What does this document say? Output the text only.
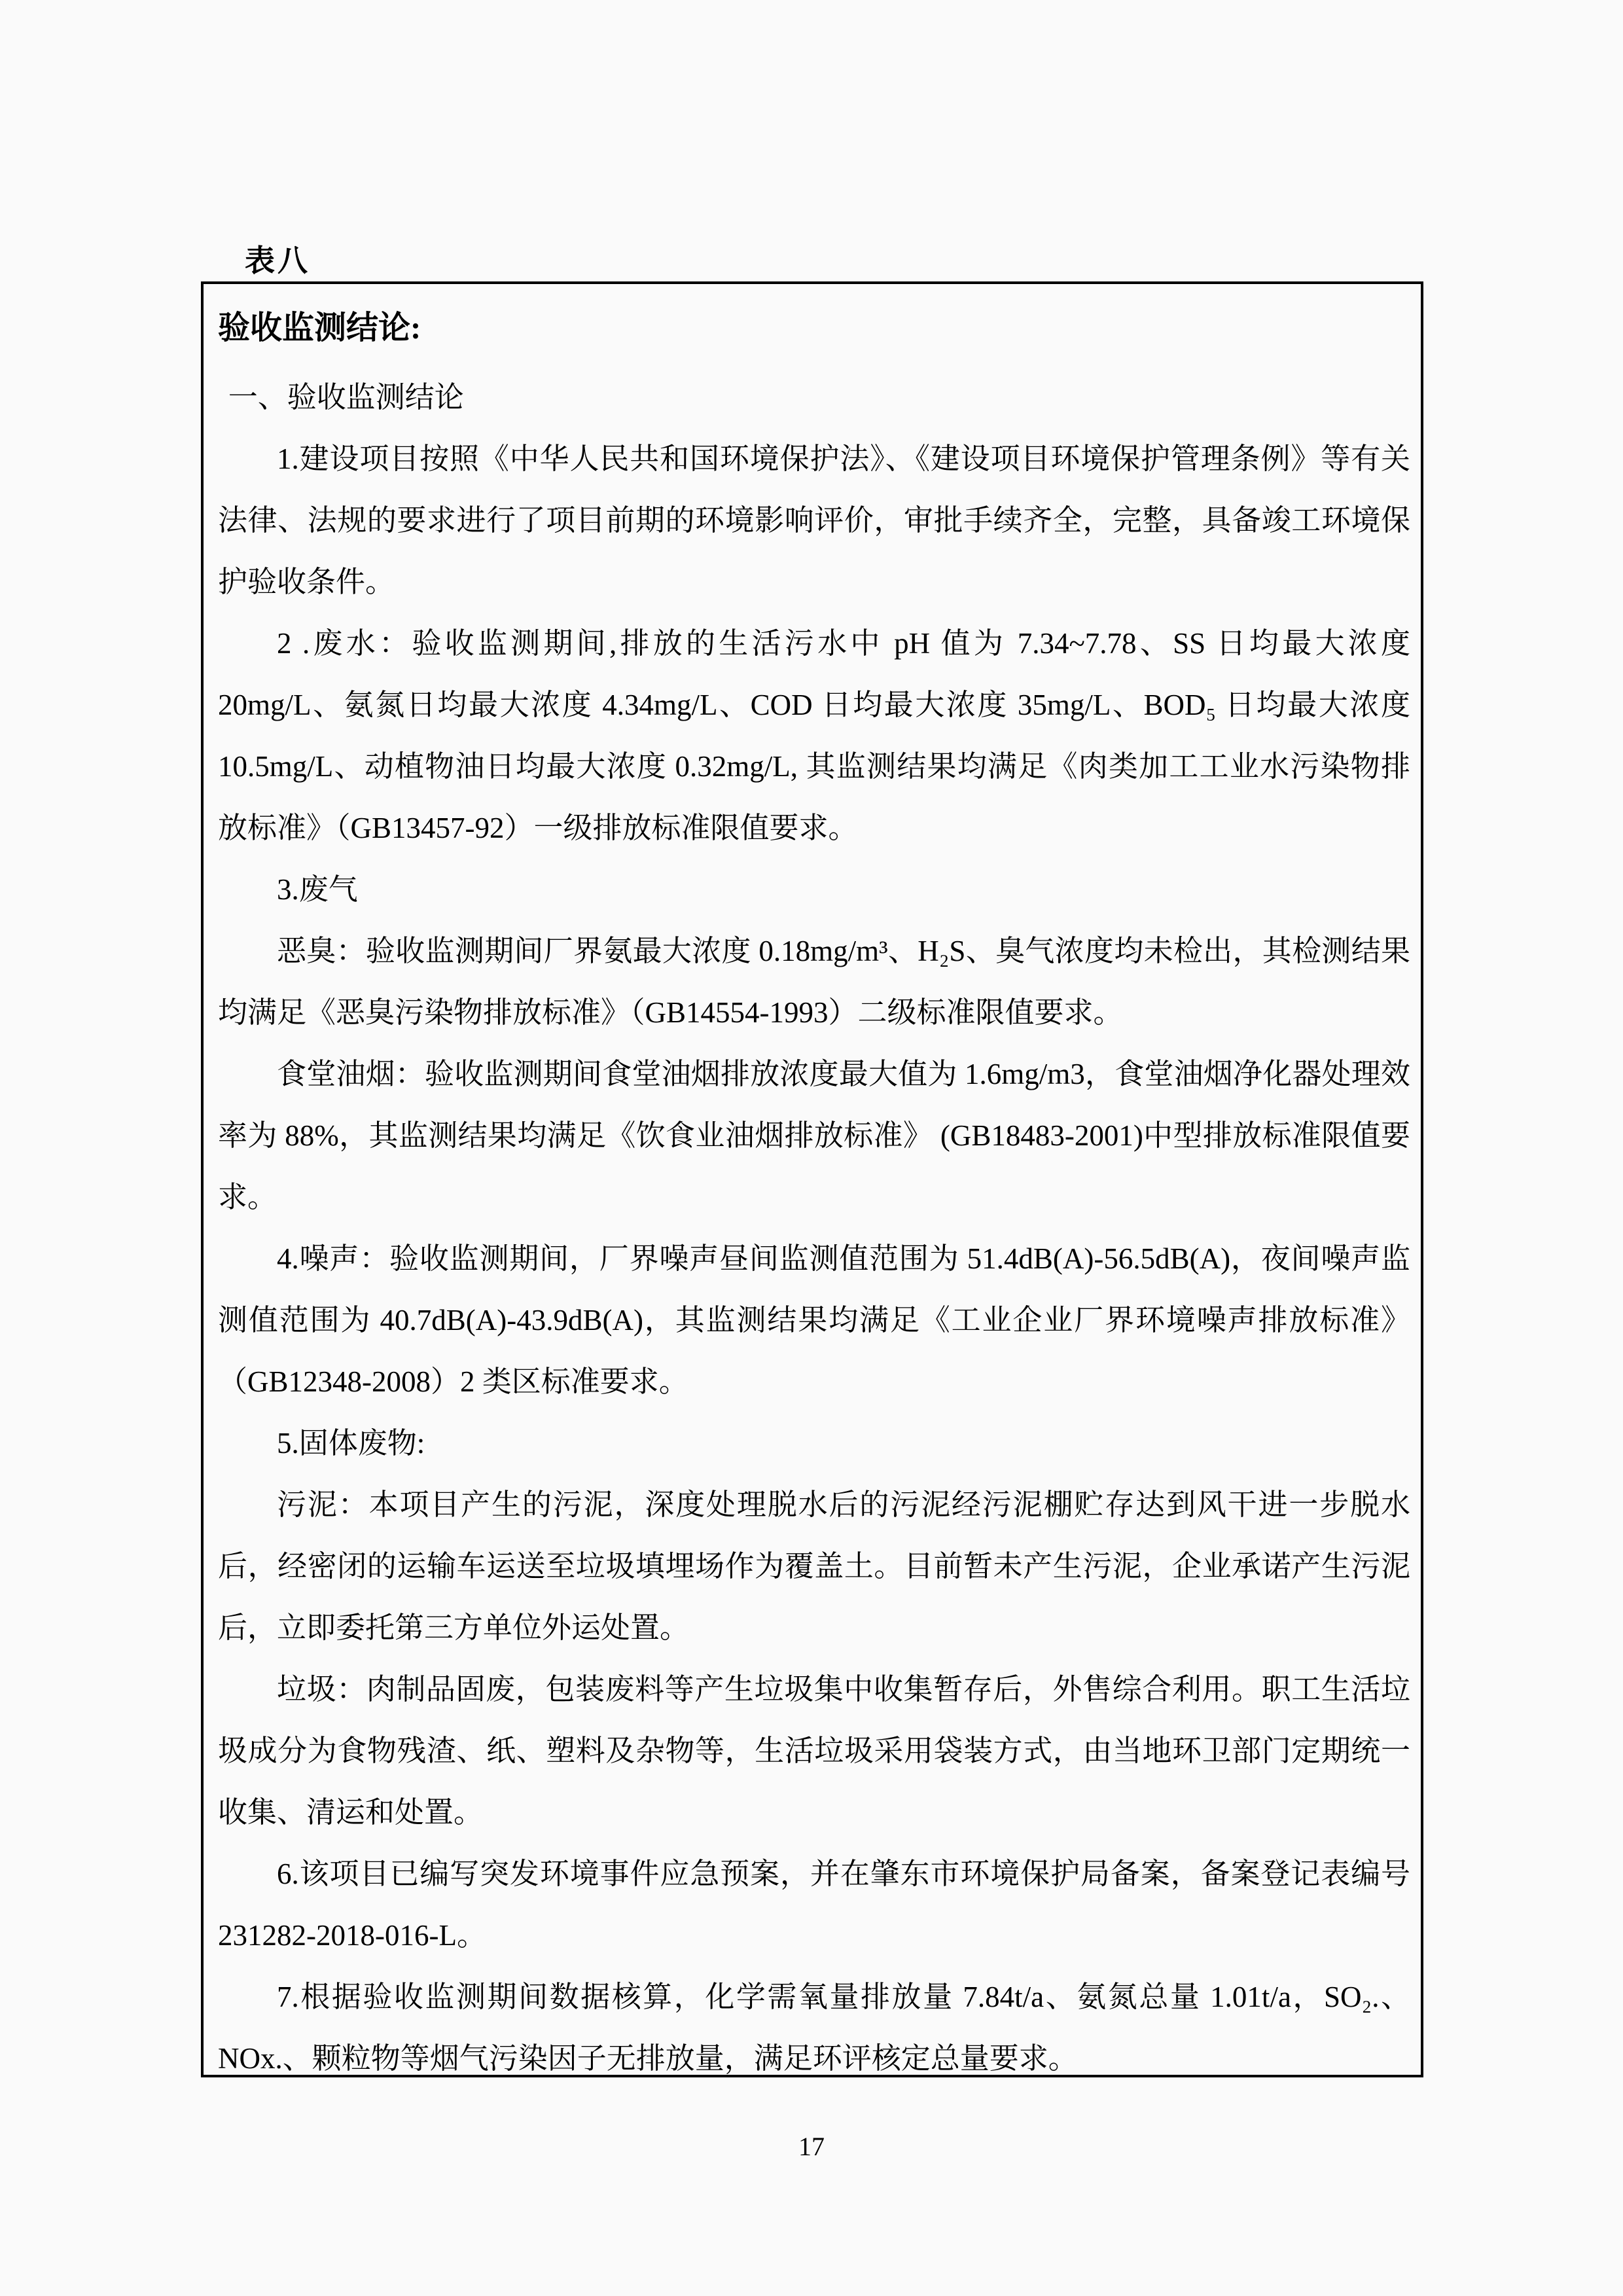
表八

验收监测结论:

一、验收监测结论

1.建设项目按照《中华人民共和国环境保护法》、《建设项目环境保护管理条例》等有关法律、法规的要求进行了项目前期的环境影响评价，审批手续齐全，完整，具备竣工环境保护验收条件。

2 .废水：验收监测期间,排放的生活污水中 pH 值为 7.34~7.78、SS 日均最大浓度 20mg/L、氨氮日均最大浓度 4.34mg/L、COD 日均最大浓度 35mg/L、BOD₅ 日均最大浓度 10.5mg/L、动植物油日均最大浓度 0.32mg/L, 其监测结果均满足《肉类加工工业水污染物排放标准》（GB13457-92）一级排放标准限值要求。

3.废气

恶臭：验收监测期间厂界氨最大浓度 0.18mg/m³、H₂S、臭气浓度均未检出，其检测结果均满足《恶臭污染物排放标准》（GB14554-1993）二级标准限值要求。

食堂油烟：验收监测期间食堂油烟排放浓度最大值为 1.6mg/m3，食堂油烟净化器处理效率为 88%，其监测结果均满足《饮食业油烟排放标准》 (GB18483-2001)中型排放标准限值要求。

4.噪声：验收监测期间，厂界噪声昼间监测值范围为 51.4dB(A)-56.5dB(A)，夜间噪声监测值范围为 40.7dB(A)-43.9dB(A)，其监测结果均满足《工业企业厂界环境噪声排放标准》（GB12348-2008）2 类区标准要求。

5.固体废物:

污泥：本项目产生的污泥，深度处理脱水后的污泥经污泥棚贮存达到风干进一步脱水后，经密闭的运输车运送至垃圾填埋场作为覆盖土。目前暂未产生污泥，企业承诺产生污泥后，立即委托第三方单位外运处置。

垃圾：肉制品固废，包装废料等产生垃圾集中收集暂存后，外售综合利用。职工生活垃圾成分为食物残渣、纸、塑料及杂物等，生活垃圾采用袋装方式，由当地环卫部门定期统一收集、清运和处置。

6.该项目已编写突发环境事件应急预案，并在肇东市环境保护局备案，备案登记表编号231282-2018-016-L。

7.根据验收监测期间数据核算，化学需氧量排放量 7.84t/a、氨氮总量 1.01t/a，SO₂.、NOx.、颗粒物等烟气污染因子无排放量，满足环评核定总量要求。

17
